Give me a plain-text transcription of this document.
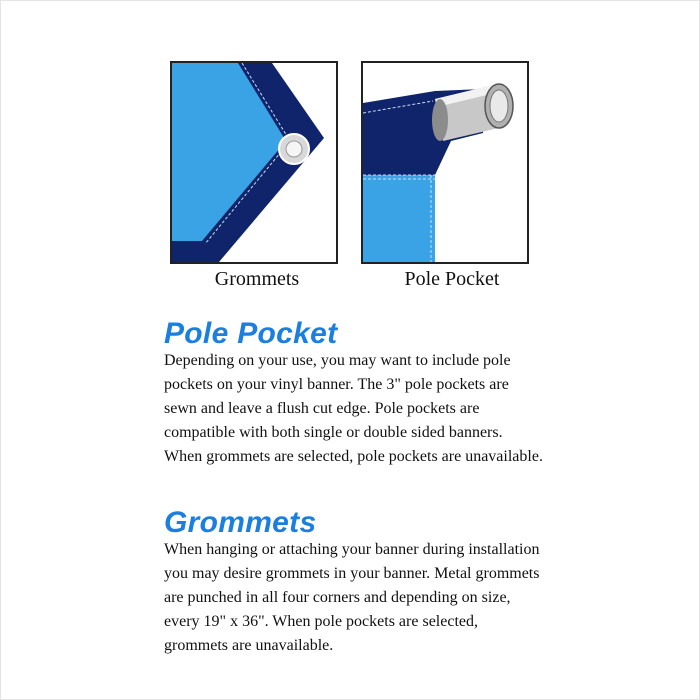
Grommets	Pole Pocket
Pole Pocket

Depending on your use, you may want to include pole pockets on your vinyl banner. The 3" pole pockets are sewn and leave a flush cut edge. Pole pockets are compatible with both single or double sided banners. When grommets are selected, pole pockets are unavailable.

Grommets

When hanging or attaching your banner during installation you may desire grommets in your banner. Metal grommets are punched in all four corners and depending on size, every 19" x 36". When pole pockets are selected, grommets are unavailable.
